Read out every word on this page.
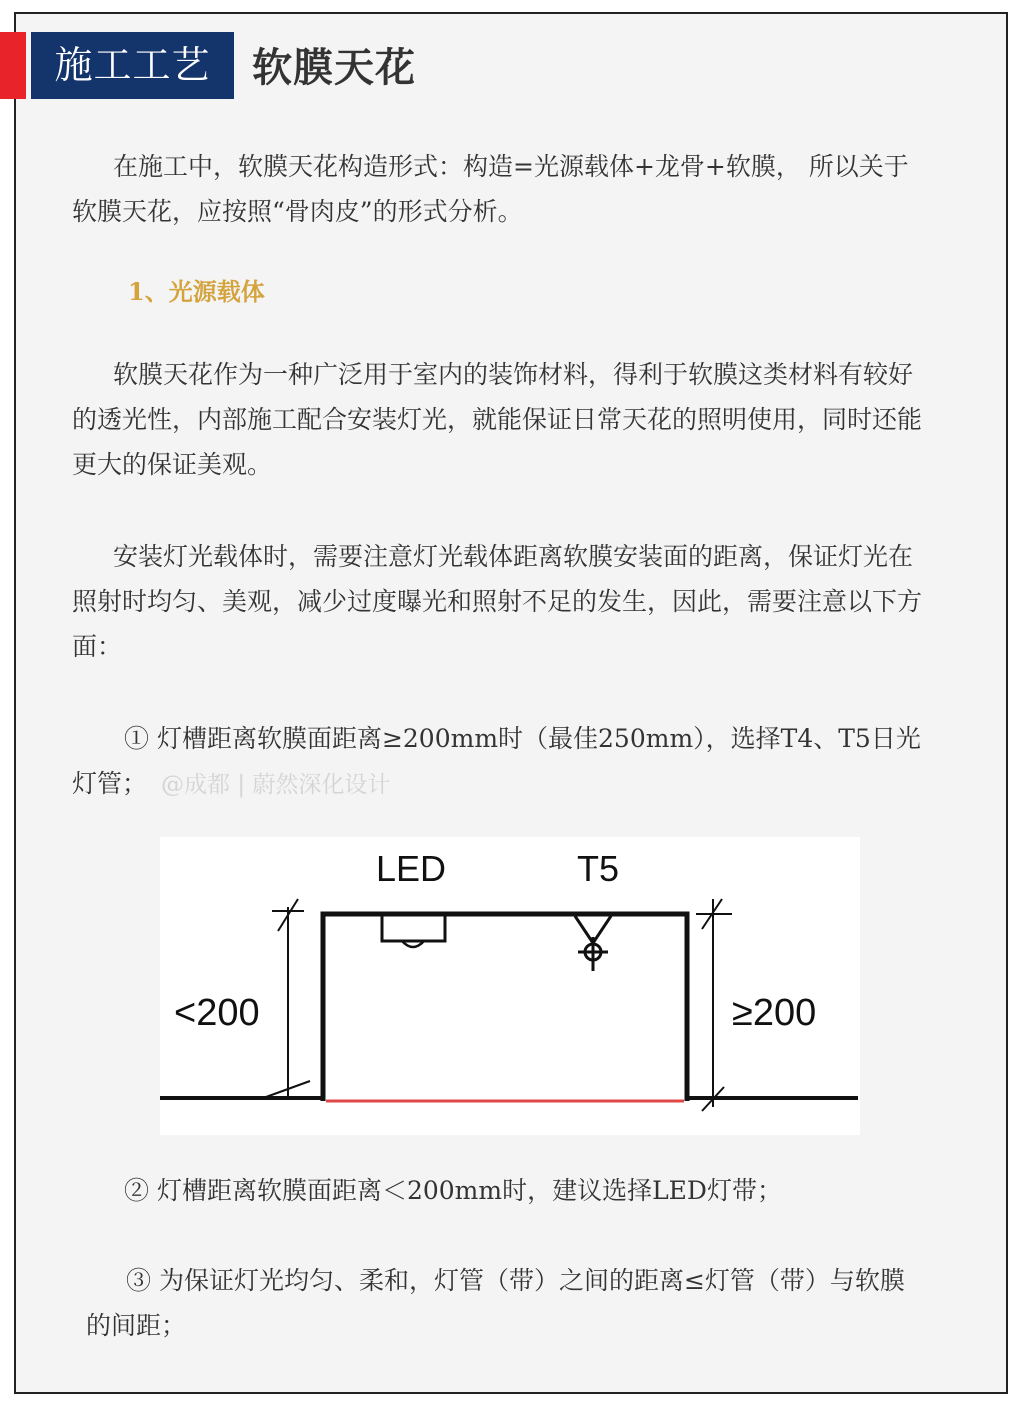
施工工艺	软膜天花

在施工中，软膜天花构造形式：构造=光源载体+龙骨+软膜， 所以关于软膜天花，应按照“骨肉皮”的形式分析。

1、光源载体

软膜天花作为一种广泛用于室内的装饰材料，得利于软膜这类材料有较好的透光性，内部施工配合安装灯光，就能保证日常天花的照明使用，同时还能更大的保证美观。

安装灯光载体时，需要注意灯光载体距离软膜安装面的距离，保证灯光在照射时均匀、美观，减少过度曝光和照射不足的发生，因此，需要注意以下方面：

① 灯槽距离软膜面距离≥200mm时（最佳250mm），选择T4、T5日光灯管； @成都 | 蔚然深化设计

LED	T5
<200	≥200

② 灯槽距离软膜面距离＜200mm时，建议选择LED灯带；

③ 为保证灯光均匀、柔和，灯管（带）之间的距离≤灯管（带）与软膜的间距；
